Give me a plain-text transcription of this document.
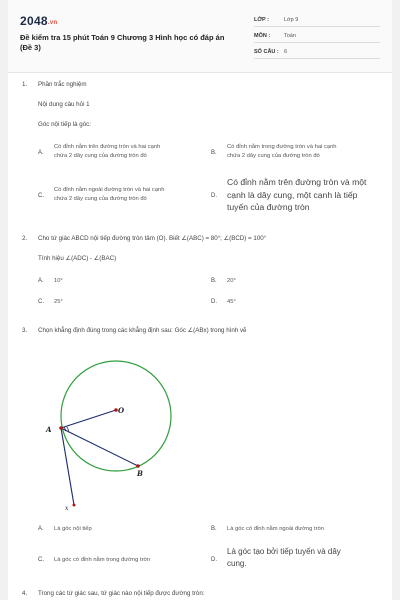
2048.vn
Đề kiểm tra 15 phút Toán 9 Chương 3 Hình học có đáp án
(Đề 3)
LỚP :	Lớp 9
MÔN :	Toán
SỐ CÂU : 6
1. Phần trắc nghiệm
Nội dung câu hỏi 1
Góc nội tiếp là góc:
A.
Có đỉnh nằm trên đường tròn và hai cạnh
chứa 2 dây cung của đường tròn đó	B.
Có đỉnh nằm trong đường tròn và hai cạnh
chứa 2 dây cung của đường tròn đó
C.
Có đỉnh nằm ngoài đường tròn và hai cạnh
chứa 2 dây cung của đường tròn đó	D.
Có đỉnh nằm trên đường tròn và một
cạnh là dây cung, một cạnh là tiếp
tuyến của đường tròn
2. Cho tứ giác ABCD nội tiếp đường tròn tâm (O). Biết ∠(ABC) = 80°; ∠(BCD) = 100°
Tính hiệu ∠(ADC) - ∠(BAC)
A. 10°	B. 20°
C. 25°	D. 45°
3. Chọn khẳng định đúng trong các khẳng định sau: Góc ∠(ABx) trong hình vẽ
A
O
B
x
A. Là góc nội tiếp	B. Là góc có đỉnh nằm ngoài đường tròn
C. Là góc có đỉnh nằm trong đường tròn	D.
Là góc tạo bởi tiếp tuyến và dây
cung.
4. Trong các tứ giác sau, tứ giác nào nội tiếp được đường tròn:
